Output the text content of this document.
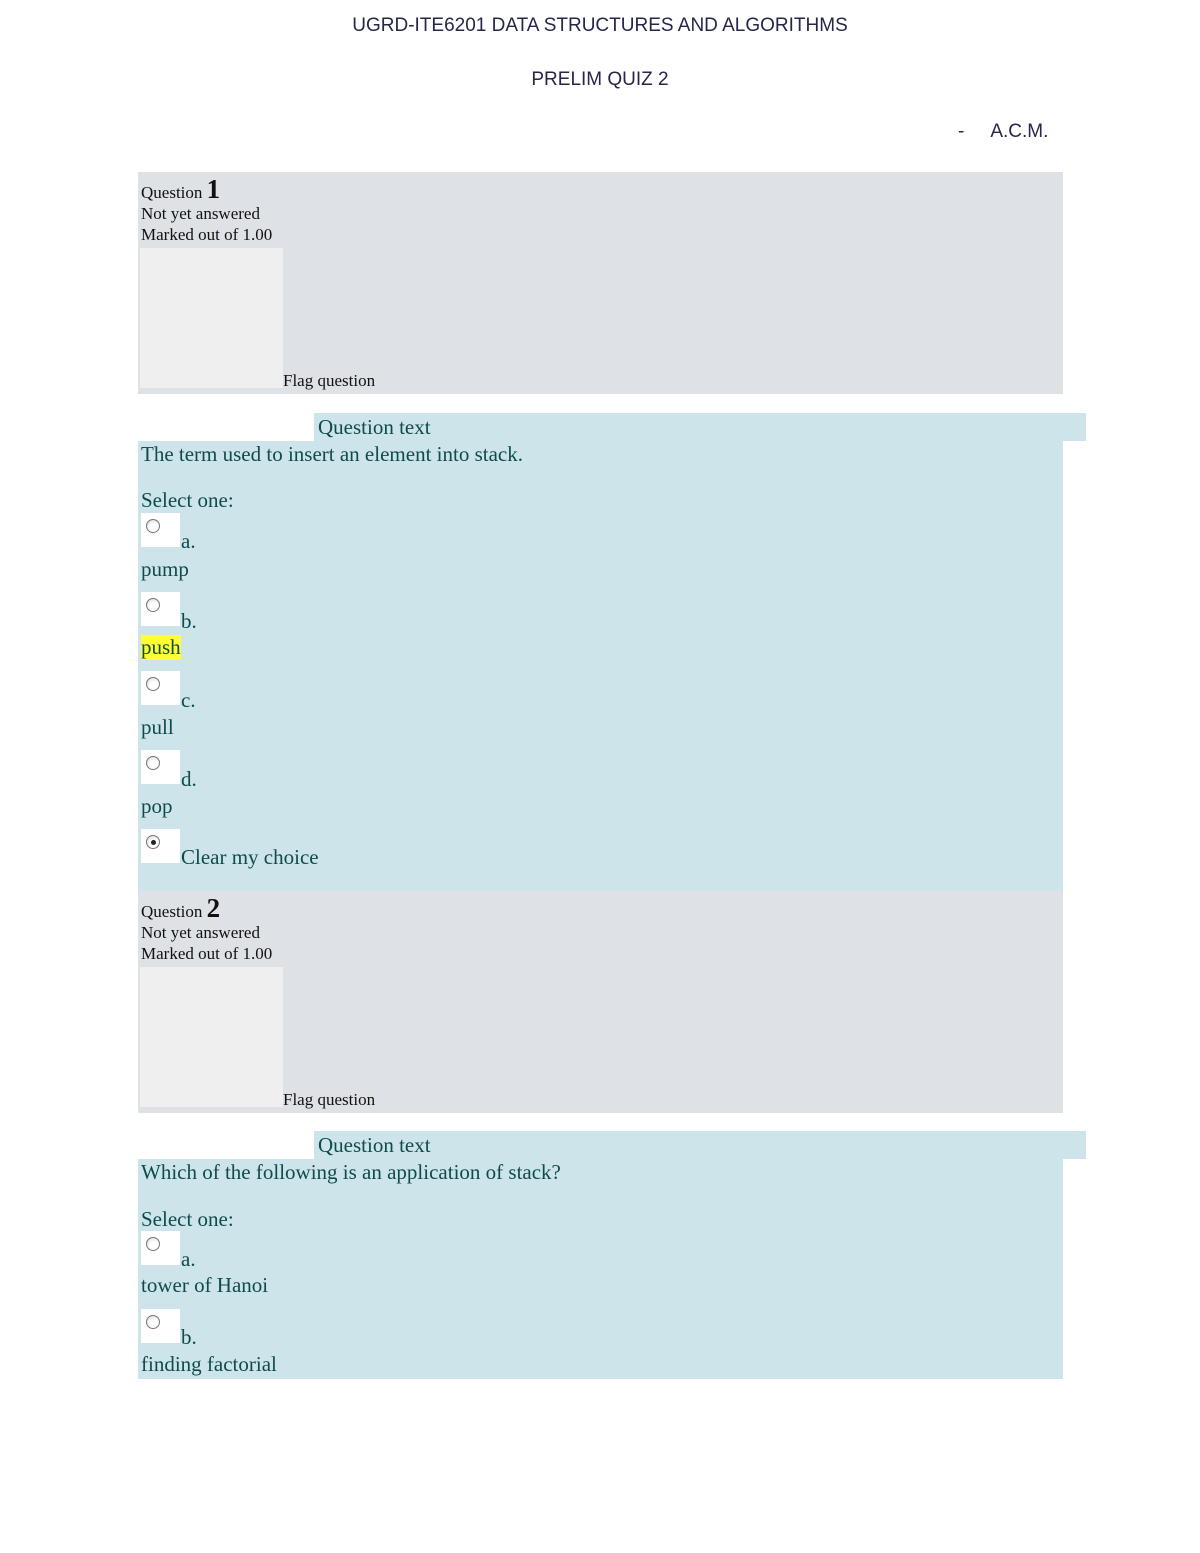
UGRD-ITE6201 DATA STRUCTURES AND ALGORITHMS
PRELIM QUIZ 2
- A.C.M.
Question 1
Not yet answered
Marked out of 1.00
Flag question
Question text
The term used to insert an element into stack.
Select one:
a.
pump
b.
push
c.
pull
d.
pop
Clear my choice
Question 2
Not yet answered
Marked out of 1.00
Flag question
Question text
Which of the following is an application of stack?
Select one:
a.
tower of Hanoi
b.
finding factorial
